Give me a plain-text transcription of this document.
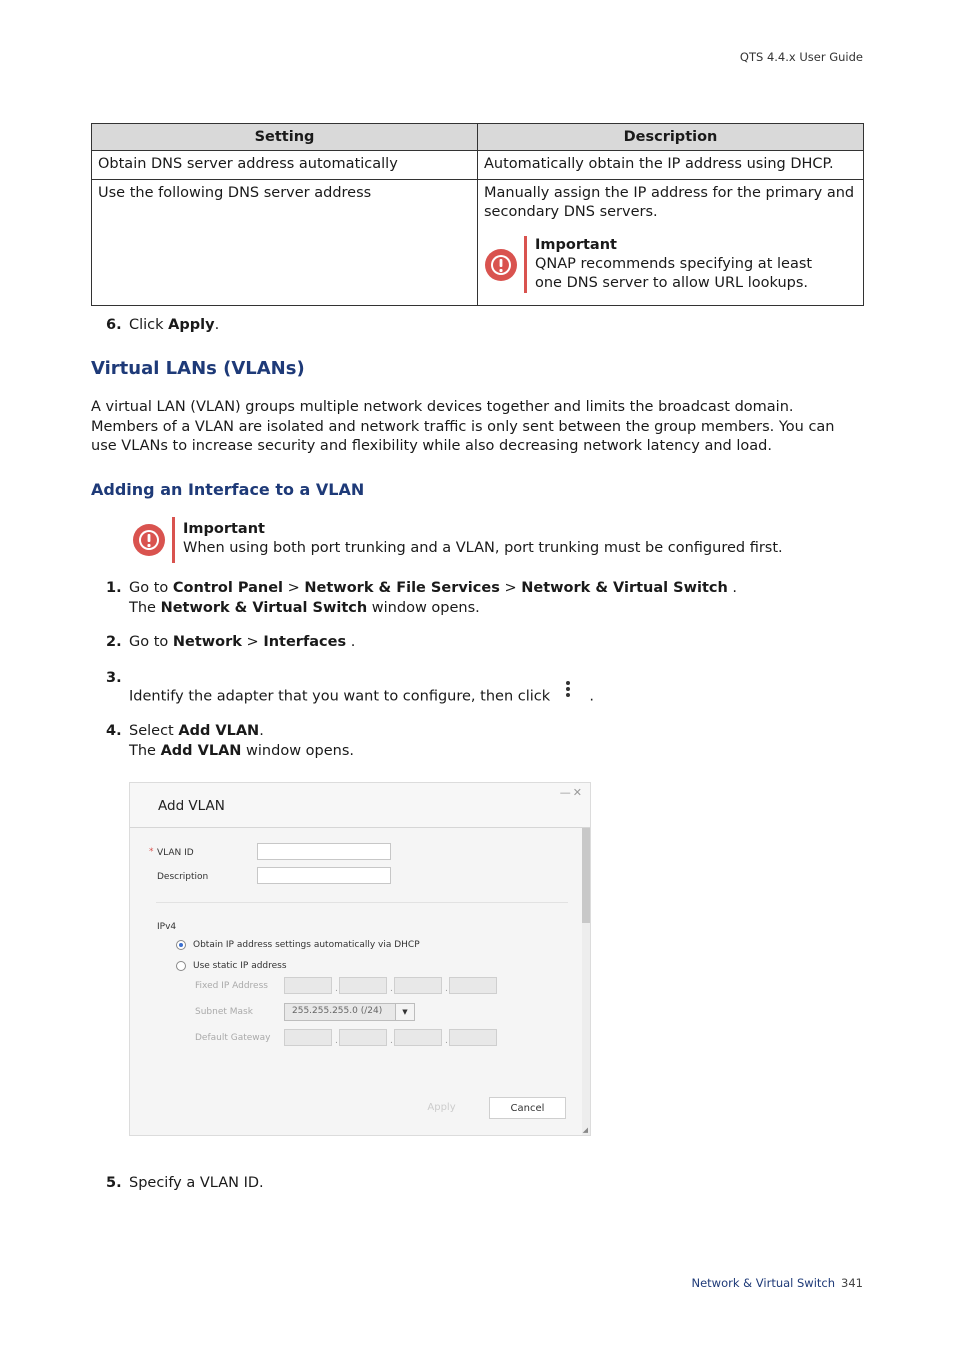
QTS 4.4.x User Guide
Setting	Description
Obtain DNS server address automatically	Automatically obtain the IP address using DHCP.
Use the following DNS server address	Manually assign the IP address for the primary and secondary DNS servers.
Important
QNAP recommends specifying at least one DNS server to allow URL lookups.
6. Click Apply.
Virtual LANs (VLANs)

A virtual LAN (VLAN) groups multiple network devices together and limits the broadcast domain. Members of a VLAN are isolated and network traffic is only sent between the group members. You can use VLANs to increase security and flexibility while also decreasing network latency and load.

Adding an Interface to a VLAN
Important
When using both port trunking and a VLAN, port trunking must be configured first.
1. Go to Control Panel > Network & File Services > Network & Virtual Switch .
The Network & Virtual Switch window opens.
2. Go to Network > Interfaces .
3.
Identify the adapter that you want to configure, then click
.
4. Select Add VLAN.
The Add VLAN window opens.
Add VLAN
—✕
* VLAN ID
Description
IPv4
Obtain IP address settings automatically via DHCP
Use static IP address
Fixed IP Address	.	.	.
Subnet Mask	255.255.255.0 (/24)	▼
Default Gateway	.	.	.
Apply	Cancel
◢
5. Specify a VLAN ID.
Network & Virtual Switch 341
